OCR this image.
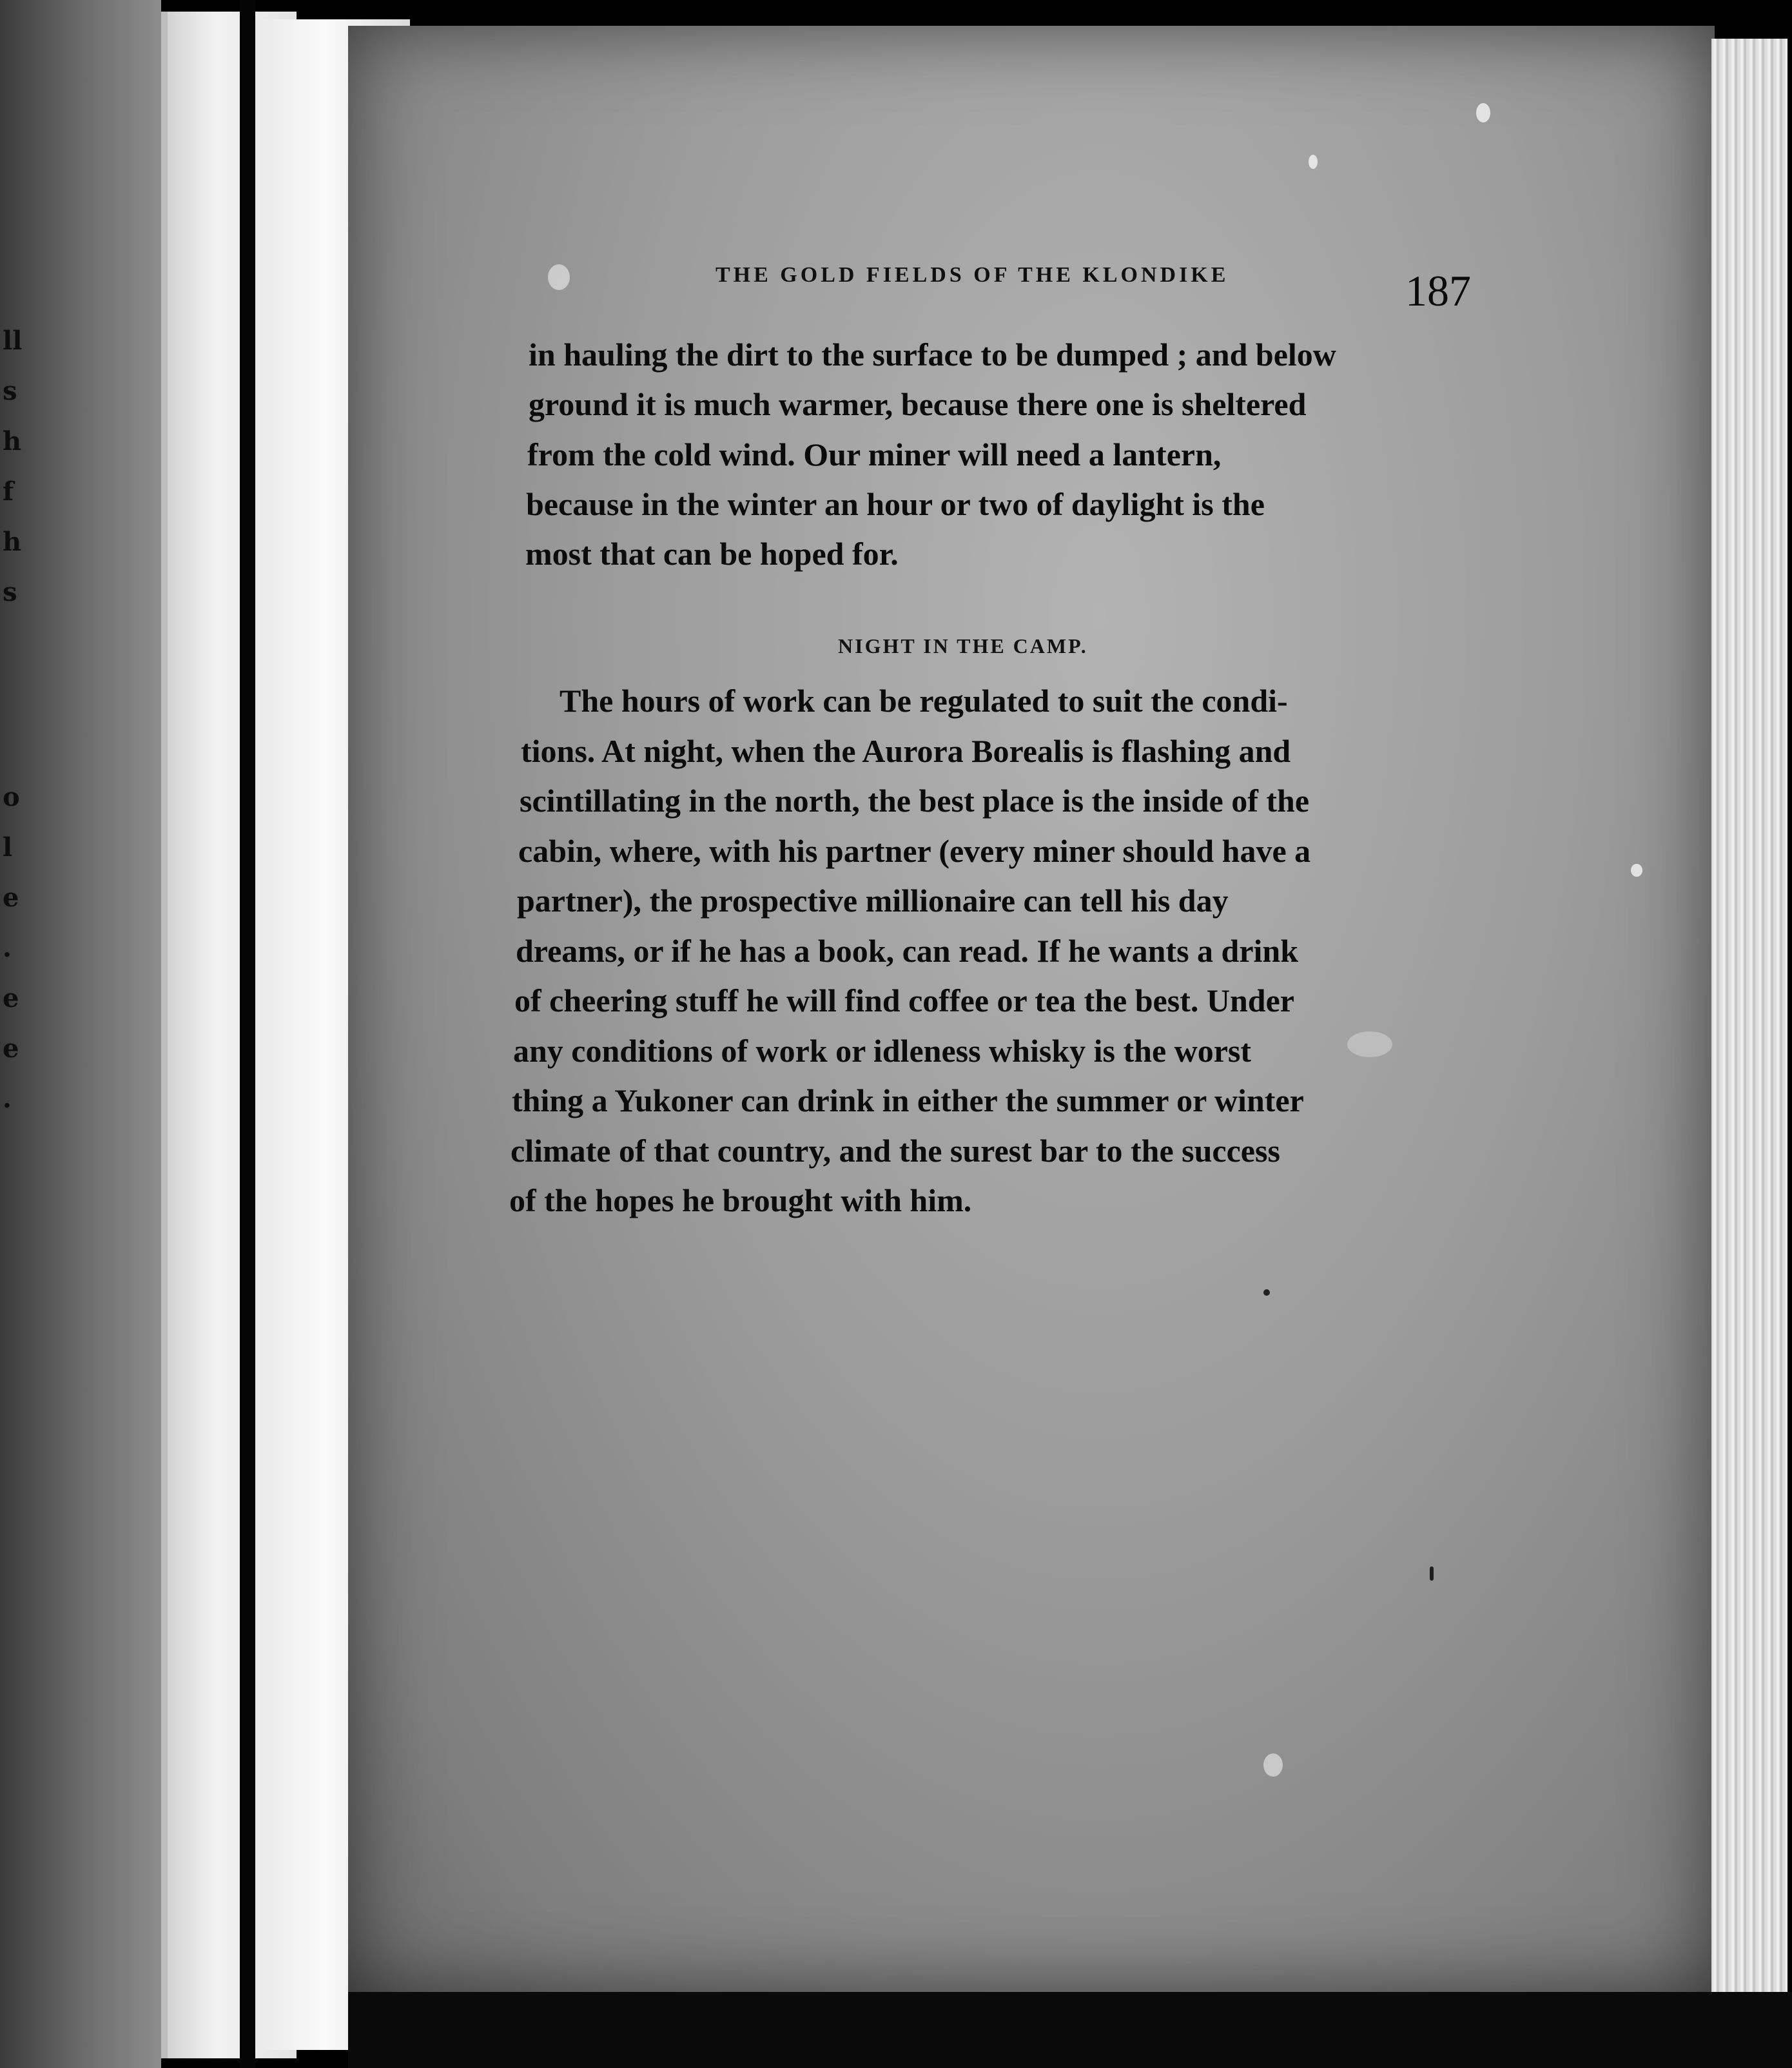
ll
s
h
f
h
s
o
l
e
.
e
e
.
THE GOLD FIELDS OF THE KLONDIKE	187
in hauling the dirt to the surface to be dumped ; and below
ground it is much warmer, because there one is sheltered
from the cold wind. Our miner will need a lantern,
because in the winter an hour or two of daylight is the
most that can be hoped for.
NIGHT IN THE CAMP.
The hours of work can be regulated to suit the condi-
tions. At night, when the Aurora Borealis is flashing and
scintillating in the north, the best place is the inside of the
cabin, where, with his partner (every miner should have a
partner), the prospective millionaire can tell his day
dreams, or if he has a book, can read. If he wants a drink
of cheering stuff he will find coffee or tea the best. Under
any conditions of work or idleness whisky is the worst
thing a Yukoner can drink in either the summer or winter
climate of that country, and the surest bar to the success
of the hopes he brought with him.
